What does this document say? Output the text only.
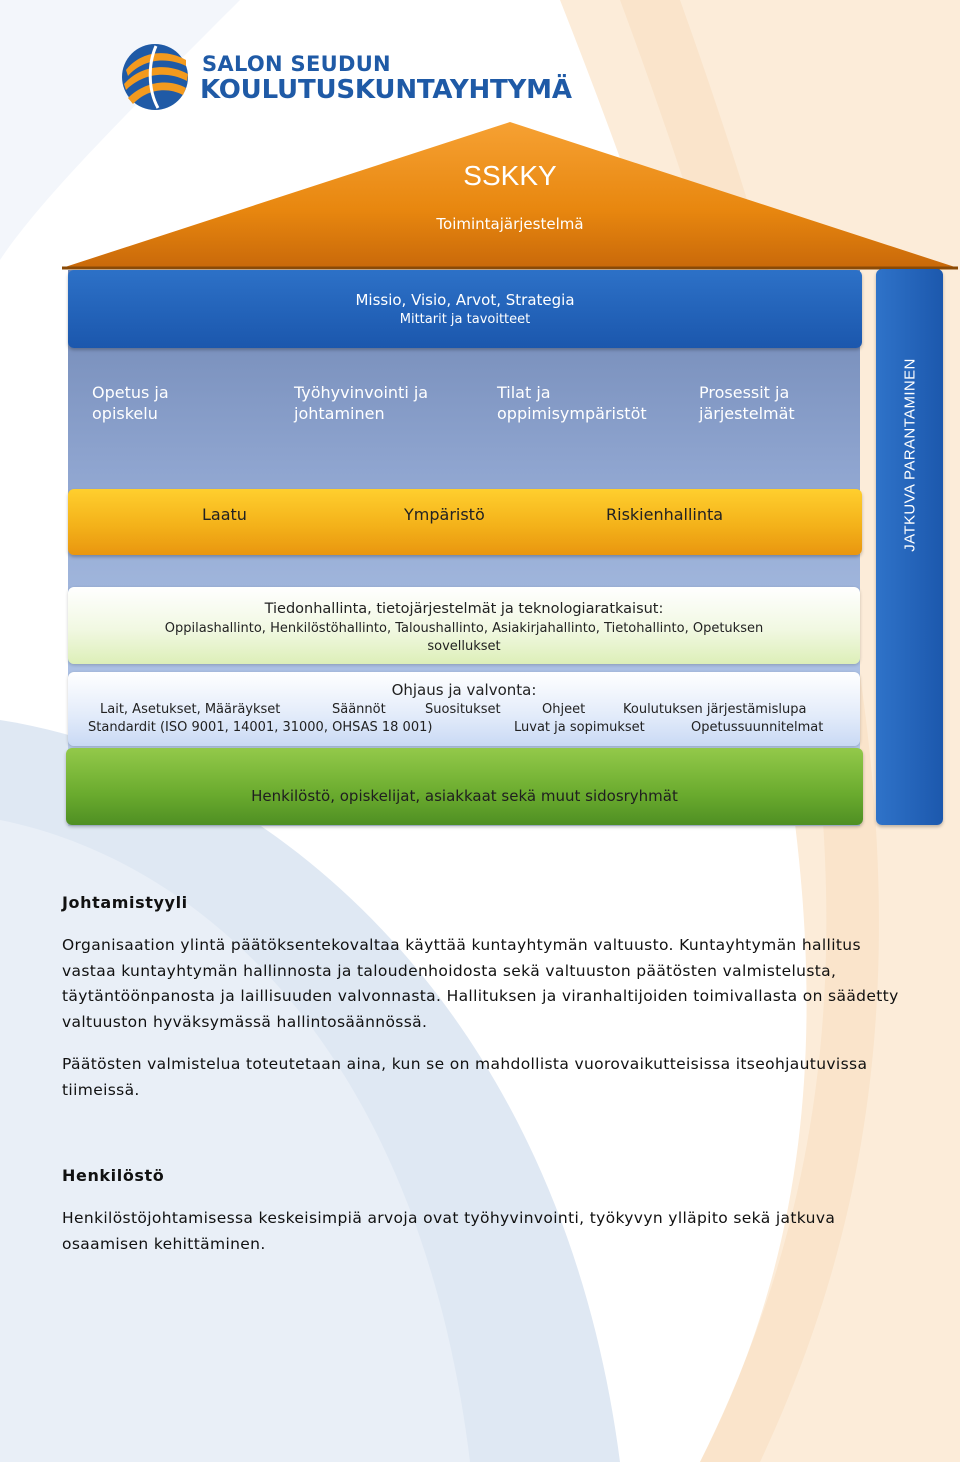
SALON SEUDUN
KOULUTUSKUNTAYHTYMÄ
SSKKY
Toimintajärjestelmä
Missio, Visio, Arvot, Strategia
Mittarit ja tavoitteet
Opetus ja
opiskelu
Työhyvinvointi ja
johtaminen
Tilat ja
oppimisympäristöt
Prosessit ja
järjestelmät
Laatu	Ympäristö	Riskienhallinta
Tiedonhallinta, tietojärjestelmät ja teknologiaratkaisut:
Oppilashallinto, Henkilöstöhallinto, Taloushallinto, Asiakirjahallinto, Tietohallinto, Opetuksen
sovellukset
Ohjaus ja valvonta:
Lait, Asetukset, Määräykset	Säännöt	Suositukset	Ohjeet	Koulutuksen järjestämislupa
Standardit (ISO 9001, 14001, 31000, OHSAS 18 001)	Luvat ja sopimukset	Opetussuunnitelmat
Henkilöstö, opiskelijat, asiakkaat sekä muut sidosryhmät
JATKUVA PARANTAMINEN
Johtamistyyli

Organisaation ylintä päätöksentekovaltaa käyttää kuntayhtymän valtuusto. Kuntayhtymän hallitus

vastaa kuntayhtymän hallinnosta ja taloudenhoidosta sekä valtuuston päätösten valmistelusta,

täytäntöönpanosta ja laillisuuden valvonnasta. Hallituksen ja viranhaltijoiden toimivallasta on säädetty

valtuuston hyväksymässä hallintosäännössä.

Päätösten valmistelua toteutetaan aina, kun se on mahdollista vuorovaikutteisissa itseohjautuvissa

tiimeissä.

Henkilöstö

Henkilöstöjohtamisessa keskeisimpiä arvoja ovat työhyvinvointi, työkyvyn ylläpito sekä jatkuva

osaamisen kehittäminen.
